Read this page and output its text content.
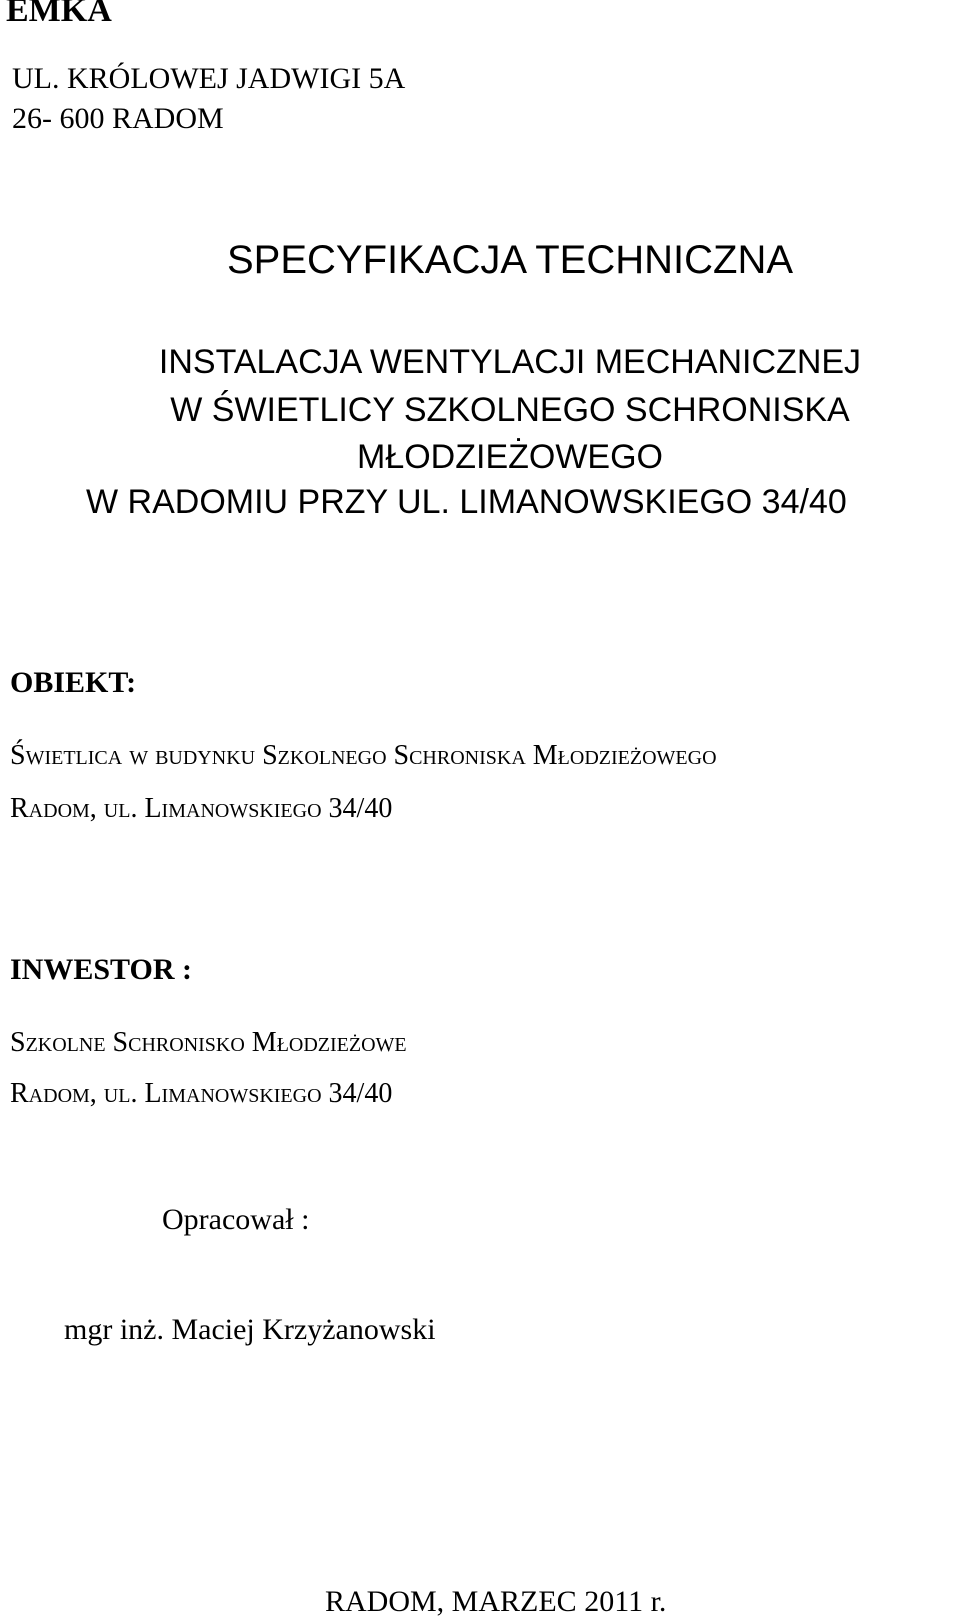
EMKA
UL. KRÓLOWEJ JADWIGI 5A
26- 600 RADOM
SPECYFIKACJA TECHNICZNA
INSTALACJA WENTYLACJI MECHANICZNEJ
W ŚWIETLICY SZKOLNEGO SCHRONISKA
MŁODZIEŻOWEGO
W RADOMIU PRZY UL. LIMANOWSKIEGO 34/40
OBIEKT:
Świetlica w budynku Szkolnego Schroniska Młodzieżowego
Radom, ul. Limanowskiego 34/40
INWESTOR :
Szkolne Schronisko Młodzieżowe
Radom, ul. Limanowskiego 34/40
Opracował :
mgr inż. Maciej Krzyżanowski
RADOM, MARZEC 2011 r.
